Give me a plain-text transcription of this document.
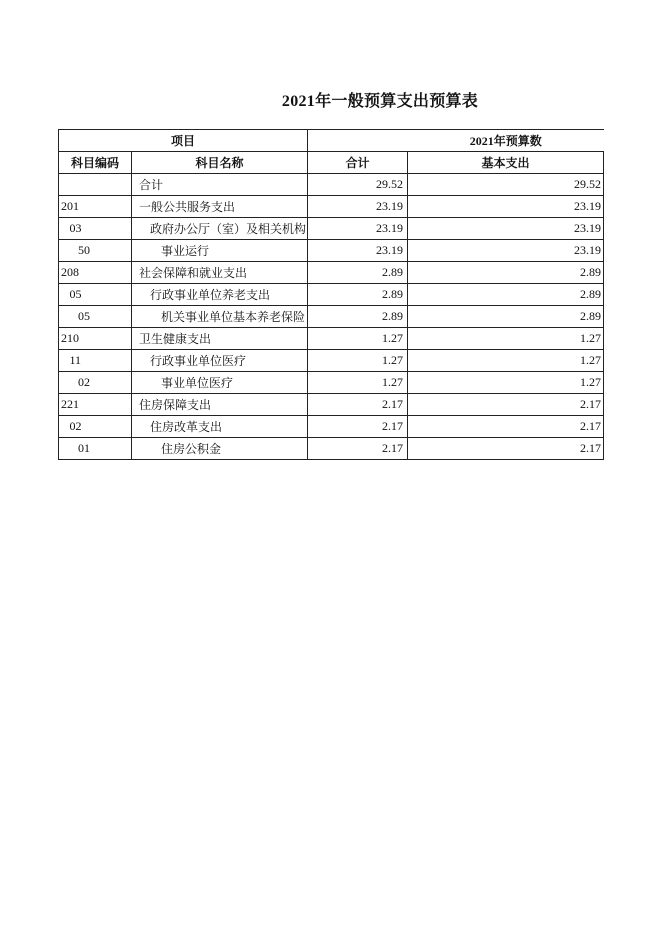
2021年一般预算支出预算表
项目		2021年预算数	
科目编码	科目名称	合计	基本支出
	合计	29.52	29.52
201	一般公共服务支出	23.19	23.19
03	政府办公厅（室）及相关机构	23.19	23.19
50	事业运行	23.19	23.19
208	社会保障和就业支出	2.89	2.89
05	行政事业单位养老支出	2.89	2.89
05	机关事业单位基本养老保险	2.89	2.89
210	卫生健康支出	1.27	1.27
11	行政事业单位医疗	1.27	1.27
02	事业单位医疗	1.27	1.27
221	住房保障支出	2.17	2.17
02	住房改革支出	2.17	2.17
01	住房公积金	2.17	2.17
